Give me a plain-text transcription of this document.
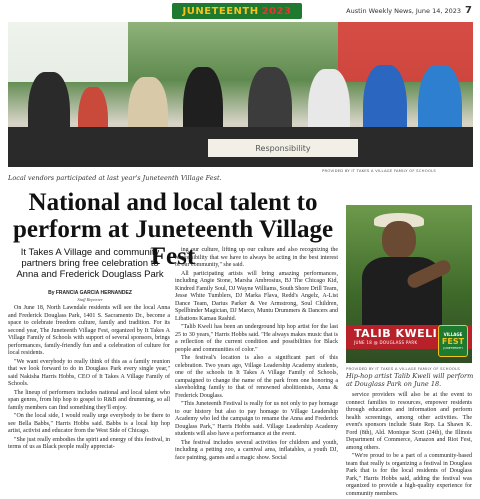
JUNETEENTH 2023	Austin Weekly News, June 14, 2023 7
Responsibility
PROVIDED BY IT TAKES A VILLAGE FAMILY OF SCHOOLS
Local vendors participated at last year's Juneteenth Village Fest.
National and local talent to perform at Juneteenth Village Fest
It Takes A Village and community partners bring free celebration to Anna and Frederick Douglass Park
By FRANCIA GARCIA HERNANDEZ
Staff Reporter

On June 18, North Lawndale residents will see the local Anna and Frederick Douglass Park, 1401 S. Sacramento Dr., become a space to celebrate freedom culture, family and tradition. For its second year, The Juneteenth Village Fest, organized by It Takes A Village Family of Schools with support of several sponsors, brings performances, family-friendly fun and a celebration of culture for local residents.

"We want everybody to really think of this as a family reunion that we look forward to do in Douglass Park every single year," said Nakisha Harris Hobbs, CEO of It Takes A Village Family of Schools.

The lineup of performers includes national and local talent who span genres, from hip hop to gospel to R&B and drumming, so all family members can find something they'll enjoy.

"On the local side, I would really urge everybody to be there to see Bella Babbs," Harris Hobbs said. Babbs is a local hip hop artist, activist and educator from the West Side of Chicago.

"She just really embodies the spirit and energy of this festival, in terms of us as Black people really appreciat-

ing our culture, lifting up our culture and also recognizing the responsibility that we have to always be acting in the best interest of our community," she said.

All participating artists will bring amazing performances, including Angie Stone, Marsha Ambrosius, BJ The Chicago Kid, Kindred Family Soul, DJ Wayne Williams, South Shore Drill Team, Jesse White Tumblers, DJ Marka Flava, Redd's Angelz, A-List Dance Team, Darius Parker & Vee Armstrong, Soul Children, Spellbinder Magician, DJ Marco, Muntu Drummers & Dancers and Libations Kamau Rashid.

"Talib Kweli has been an underground hip hop artist for the last 25 to 30 years," Harris Hobbs said. "He always makes music that is a reflection of the current condition and possibilities for Black people and communities of color."

The festival's location is also a significant part of this celebration. Two years ago, Village Leadership Academy students, one of the schools in It Takes A Village Family of Schools, campaigned to change the name of the park from one honoring a slaveholding family to that of renowned abolitionists, Anna & Frederick Douglass.

"This Juneteenth Festival is really for us not only to pay homage to our history but also to pay homage to Village Leadership Academy who led the campaign to rename the Anna and Frederick Douglass Park," Harris Hobbs said. Village Leadership Academy students will also have a performance at the event.

The festival includes several activities for children and youth, including a petting zoo, a carnival area, inflatables, a youth DJ, face painting, games and a magic show. Social

TALIB KWELI
JUNE 18 @ DOUGLASS PARK
VILLAGE
FEST
JUNETEENTH
PROVIDED BY IT TAKES A VILLAGE FAMILY OF SCHOOLS
Hip-hop artist Talib Kweli will perform at Douglass Park on June 18.

service providers will also be at the event to connect families to resources, empower residents through education and information and perform health screenings, among other activities. The event's sponsors include State Rep. La Shawn K. Ford (8th), Ald. Monique Scott (24th), the Illinois Department of Commerce, Amazon and Riot Fest, among others.

"We're proud to be a part of a community-based team that really is organizing a festival in Douglass Park that is for the local residents of Douglass Park," Harris Hobbs said, adding the festival was organized to provide a high-quality experience for community members.
